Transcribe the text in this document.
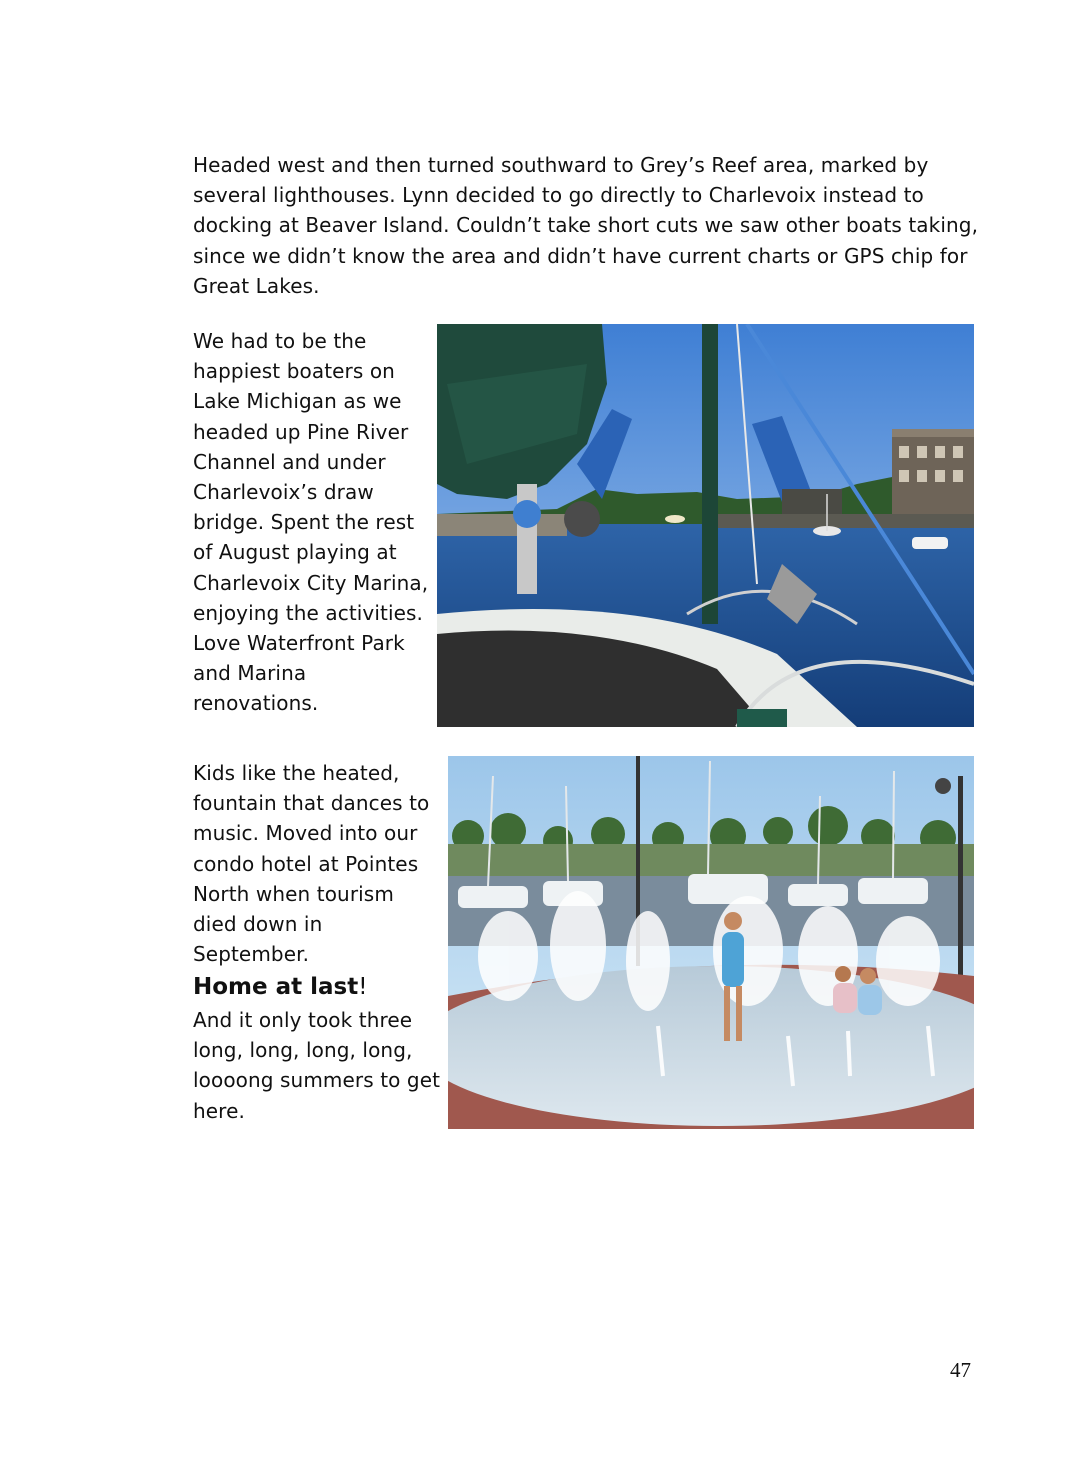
Headed west and then turned southward to Grey’s Reef area, marked by several lighthouses. Lynn decided to go directly to Charlevoix instead to docking at Beaver Island. Couldn’t take short cuts we saw other boats taking, since we didn’t know the area and didn’t have current charts or GPS chip for Great Lakes.

We had to be the happiest boaters on Lake Michigan as we headed up Pine River Channel and under Charlevoix’s draw bridge. Spent the rest of August playing at Charlevoix City Marina, enjoying the activities. Love Waterfront Park and Marina renovations.

Kids like the heated, fountain that dances to music. Moved into our condo hotel at Pointes North when tourism died down in September.

Home at last!

And it only took three long, long, long, long, loooong summers to get here.

47
